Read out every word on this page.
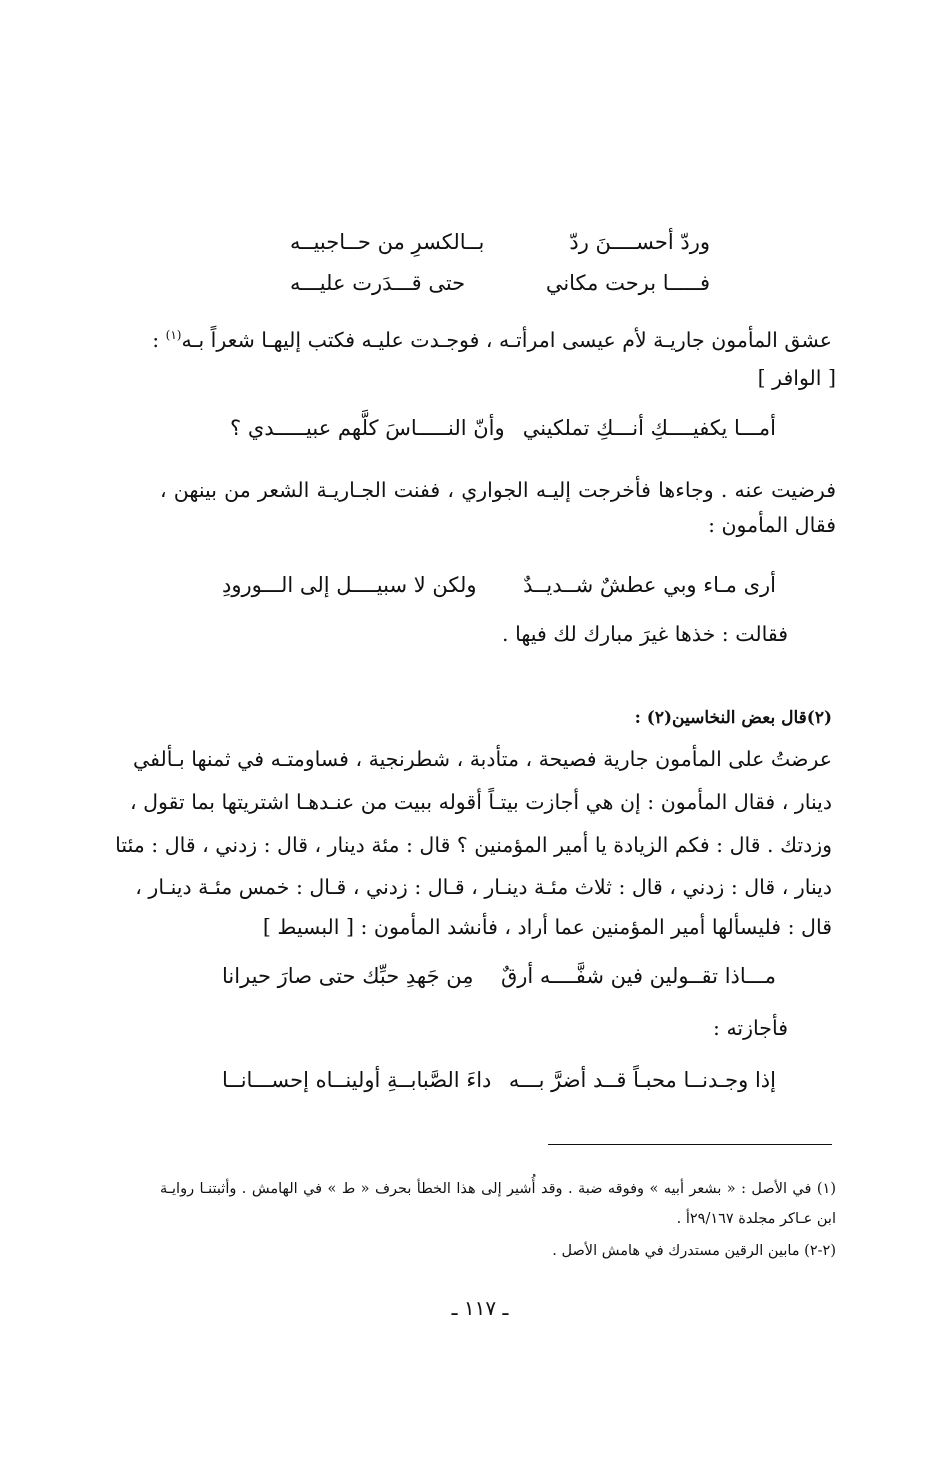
وردّ أحســــنَ ردّ
بــالكسرِ من حــاجبيــه
فـــــا برحت مكاني
حتى قـــدَرت عليـــه
عشق المأمون جاريـة لأم عيسى امرأتـه ، فوجـدت عليـه فكتب إليهـا شعراً بـه$^{(١)}$ :
[ الوافر ]
أمـــا يكفيــــكِ أنـــكِ تملكيني
وأنّ النـــــاسَ كلَّهم عبيـــــدي ؟
فرضيت عنه . وجاءها فأخرجت إليـه الجواري ، ففنت الجـاريـة الشعر من بينهن ، فقال المأمون :
أرى مـاء وبي عطشٌ شــديــدٌ
ولكن لا سبيــــل إلى الـــورودِ
فقالت : خذها غيرَ مبارك لك فيها .
(٢)قال بعض النخاسين(٢) :
عرضتُ على المأمون جارية فصيحة ، متأدبة ، شطرنجية ، فساومتـه في ثمنها بـألفي
دينار ، فقال المأمون : إن هي أجازت بيتـاً أقوله ببيت من عنـدهـا اشتريتها بما تقول ،
وزدتك . قال : فكم الزيادة يا أمير المؤمنين ؟ قال : مئة دينار ، قال : زدني ، قال : مئتا
دينار ، قال : زدني ، قال : ثلاث مئـة دينـار ، قـال : زدني ، قـال : خمس مئـة دينـار ،
قال : فليسألها أمير المؤمنين عما أراد ، فأنشد المأمون : [ البسيط ]
مـــاذا تقــولين فين شفَّــــه أرقٌ
مِن جَهدِ حبِّك حتى صارَ حيرانا
فأجازته :
إذا وجـدنــا محبـاً قــد أضرَّ بـــه
داءَ الصَّبابــةِ أولينــاه إحســـانــا
(١) في الأصل : « بشعر أبيه » وفوقه ضبة . وقد أُشير إلى هذا الخطأ بحرف « ط » في الهامش . وأثبتنـا روايـة ابن عـاكر مجلدة ٢٩/١٦٧أ .
(٢-٢) مابين الرقين مستدرك في هامش الأصل .
ـ ١١٧ ـ
